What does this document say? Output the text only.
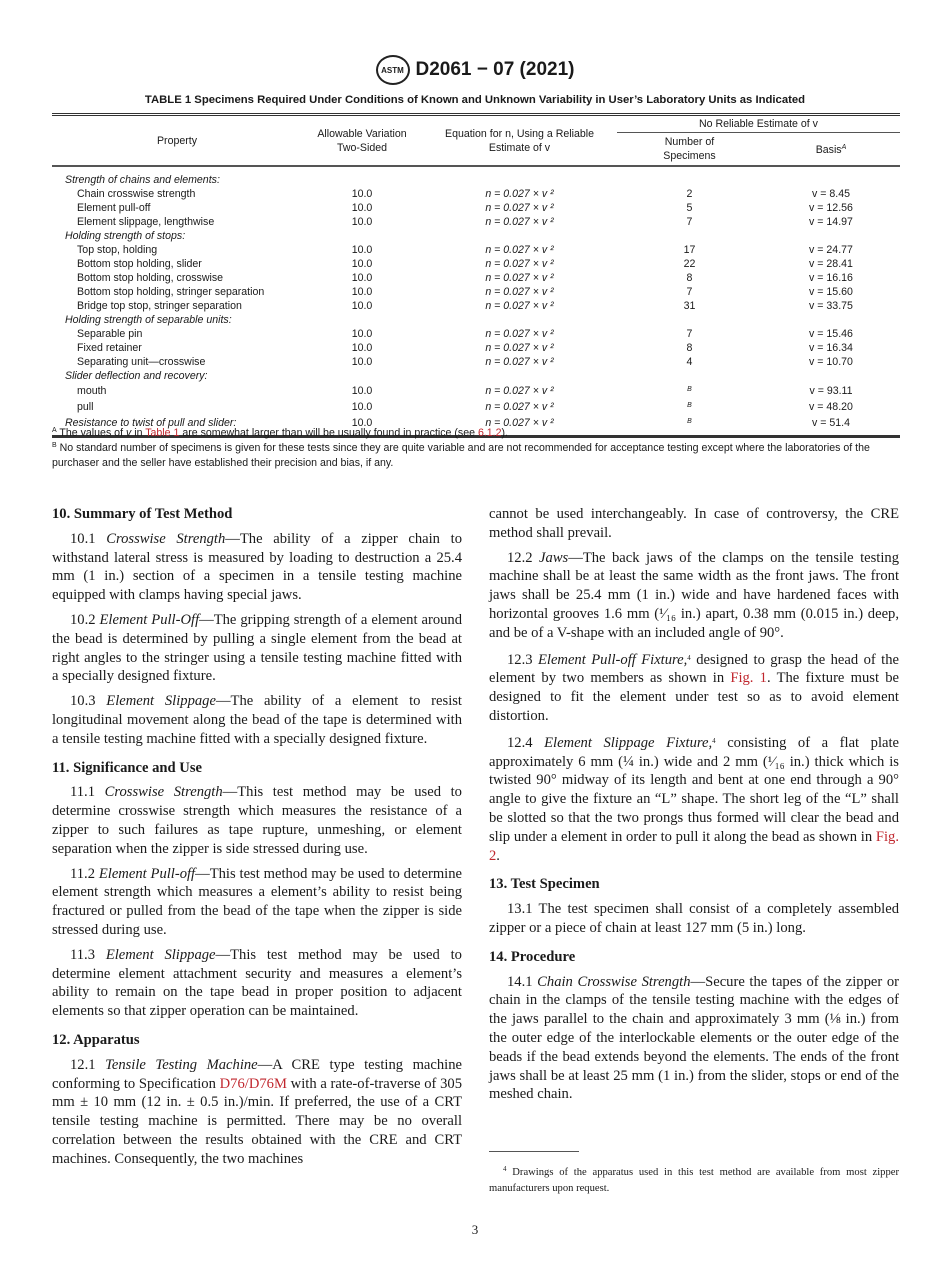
ASTM D2061 − 07 (2021)
TABLE 1 Specimens Required Under Conditions of Known and Unknown Variability in User’s Laboratory Units as Indicated
Property	Allowable Variation Two-Sided	Equation for n, Using a Reliable Estimate of v	No Reliable Estimate of v	
			Number of Specimens	Basis$^A$
Strength of chains and elements:				
Chain crosswise strength	10.0	n = 0.027 × v ²	2	v = 8.45
Element pull-off	10.0	n = 0.027 × v ²	5	v = 12.56
Element slippage, lengthwise	10.0	n = 0.027 × v ²	7	v = 14.97
Holding strength of stops:				
Top stop, holding	10.0	n = 0.027 × v ²	17	v = 24.77
Bottom stop holding, slider	10.0	n = 0.027 × v ²	22	v = 28.41
Bottom stop holding, crosswise	10.0	n = 0.027 × v ²	8	v = 16.16
Bottom stop holding, stringer separation	10.0	n = 0.027 × v ²	7	v = 15.60
Bridge top stop, stringer separation	10.0	n = 0.027 × v ²	31	v = 33.75
Holding strength of separable units:				
Separable pin	10.0	n = 0.027 × v ²	7	v = 15.46
Fixed retainer	10.0	n = 0.027 × v ²	8	v = 16.34
Separating unit—crosswise	10.0	n = 0.027 × v ²	4	v = 10.70
Slider deflection and recovery:				
mouth	10.0	n = 0.027 × v ²	$^B$	v = 93.11
pull	10.0	n = 0.027 × v ²	$^B$	v = 48.20
Resistance to twist of pull and slider:	10.0	n = 0.027 × v ²	$^B$	v = 51.4
$^A$ The values of v in Table 1 are somewhat larger than will be usually found in practice (see 6.1.2).
$^B$ No standard number of specimens is given for these tests since they are quite variable and are not recommended for acceptance testing except where the laboratories of the purchaser and the seller have established their precision and bias, if any.
10. Summary of Test Method

10.1 Crosswise Strength—The ability of a zipper chain to withstand lateral stress is measured by loading to destruction a 25.4 mm (1 in.) section of a specimen in a tensile testing machine equipped with clamps having special jaws.

10.2 Element Pull-Off—The gripping strength of a element around the bead is determined by pulling a single element from the bead at right angles to the stringer using a tensile testing machine fitted with a specially designed fixture.

10.3 Element Slippage—The ability of a element to resist longitudinal movement along the bead of the tape is determined with a tensile testing machine fitted with a specially designed fixture.

11. Significance and Use

11.1 Crosswise Strength—This test method may be used to determine crosswise strength which measures the resistance of a zipper to such failures as tape rupture, unmeshing, or element separation when the zipper is side stressed during use.

11.2 Element Pull-off—This test method may be used to determine element strength which measures a element’s ability to resist being fractured or pulled from the bead of the tape when the zipper is side stressed during use.

11.3 Element Slippage—This test method may be used to determine element attachment security and measures a element’s ability to remain on the tape bead in proper position to adjacent elements so that zipper operation can be maintained.

12. Apparatus

12.1 Tensile Testing Machine—A CRE type testing machine conforming to Specification D76/D76M with a rate-of-traverse of 305 mm ± 10 mm (12 in. ± 0.5 in.)/min. If preferred, the use of a CRT tensile testing machine is permitted. There may be no overall correlation between the results obtained with the CRE and CRT machines. Consequently, the two machines

cannot be used interchangeably. In case of controversy, the CRE method shall prevail.

12.2 Jaws—The back jaws of the clamps on the tensile testing machine shall be at least the same width as the front jaws. The front jaws shall be 25.4 mm (1 in.) wide and have hardened faces with horizontal grooves 1.6 mm (¹⁄₁₆ in.) apart, 0.38 mm (0.015 in.) deep, and be of a V-shape with an included angle of 90°.

12.3 Element Pull-off Fixture,$^4$ designed to grasp the head of the element by two members as shown in Fig. 1. The fixture must be designed to fit the element under test so as to avoid element distortion.

12.4 Element Slippage Fixture,$^4$ consisting of a flat plate approximately 6 mm (¼ in.) wide and 2 mm (¹⁄₁₆ in.) thick which is twisted 90° midway of its length and bent at one end through a 90° angle to give the fixture an “L” shape. The short leg of the “L” shall be slotted so that the two prongs thus formed will clear the bead and slip under a element in order to pull it along the bead as shown in Fig. 2.

13. Test Specimen

13.1 The test specimen shall consist of a completely assembled zipper or a piece of chain at least 127 mm (5 in.) long.

14. Procedure

14.1 Chain Crosswise Strength—Secure the tapes of the zipper or chain in the clamps of the tensile testing machine with the edges of the jaws parallel to the chain and approximately 3 mm (⅛ in.) from the outer edge of the interlockable elements or the outer edge of the beads if the bead extends beyond the elements. The ends of the front jaws shall be at least 25 mm (1 in.) from the slider, stops or end of the meshed chain.

$^4$ Drawings of the apparatus used in this test method are available from most zipper manufacturers upon request.
3
